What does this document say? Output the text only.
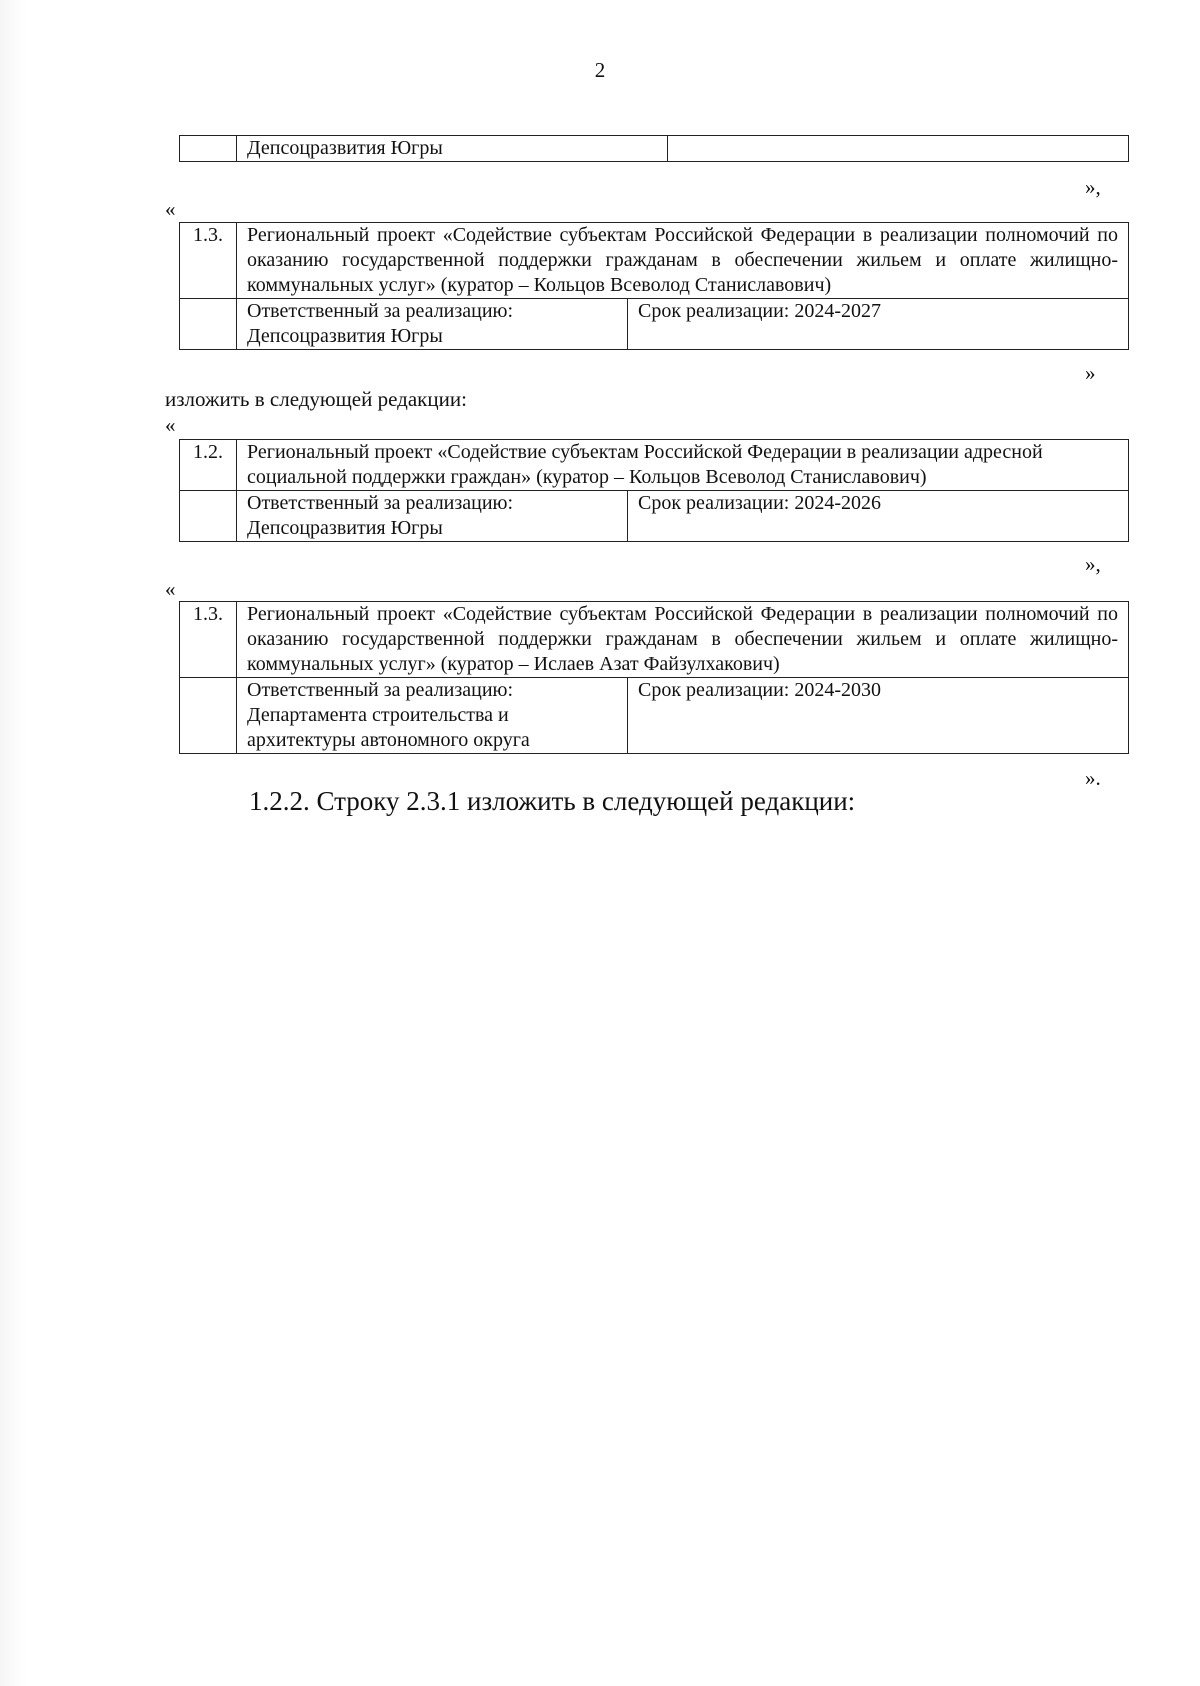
2
	Депсоцразвития Югры	
»,
«
1.3.	Региональный проект «Содействие субъектам Российской Федерации в реализации полномочий по оказанию государственной поддержки гражданам в обеспечении жильем и оплате жилищно-коммунальных услуг» (куратор – Кольцов Всеволод Станиславович)	
	Ответственный за реализацию: Депсоцразвития Югры	Срок реализации: 2024-2027
»
изложить в следующей редакции:
«
1.2.	Региональный проект «Содействие субъектам Российской Федерации в реализации адресной социальной поддержки граждан» (куратор – Кольцов Всеволод Станиславович)	
	Ответственный за реализацию: Депсоцразвития Югры	Срок реализации: 2024-2026
»,
«
1.3.	Региональный проект «Содействие субъектам Российской Федерации в реализации полномочий по оказанию государственной поддержки гражданам в обеспечении жильем и оплате жилищно-коммунальных услуг» (куратор – Ислаев Азат Файзулхакович)	
	Ответственный за реализацию: Департамента строительства и архитектуры автономного округа	Срок реализации: 2024-2030
».
1.2.2. Строку 2.3.1 изложить в следующей редакции:
